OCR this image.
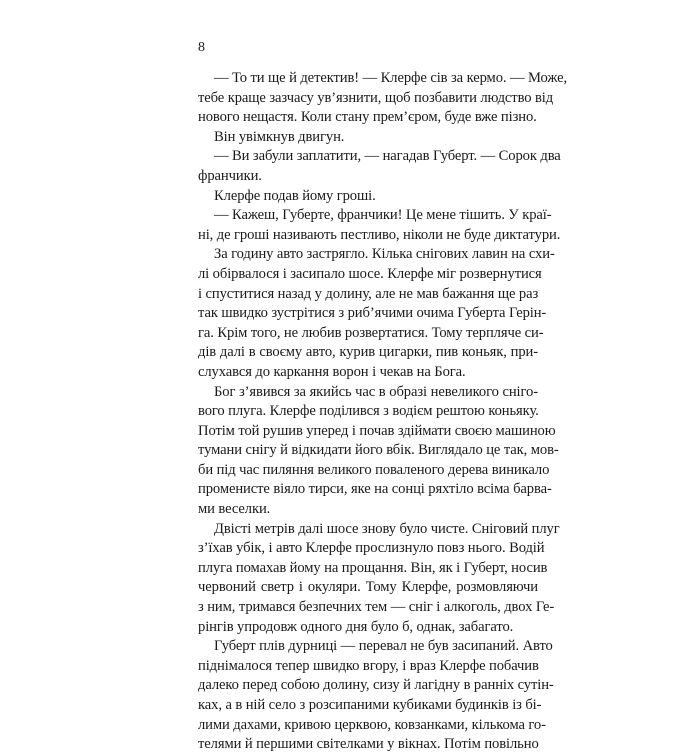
8
— То ти ще й детектив! — Клерфе сів за кермо. — Може,
тебе краще зазчасу ув’язнити, щоб позбавити людство від
нового нещастя. Коли стану прем’єром, буде вже пізно.
Він увімкнув двигун.
— Ви забули заплатити, — нагадав Губерт. — Сорок два
франчики.
Клерфе подав йому гроші.
— Кажеш, Губерте, франчики! Це мене тішить. У краї-
ні, де гроші називають пестливо, ніколи не буде диктатури.
За годину авто застрягло. Кілька снігових лавин на схи-
лі обірвалося і засипало шосе. Клерфе міг розвернутися
і спуститися назад у долину, але не мав бажання ще раз
так швидко зустрітися з риб’ячими очима Губерта Герін-
га. Крім того, не любив розвертатися. Тому терпляче си-
дів далі в своєму авто, курив цигарки, пив коньяк, при-
слухався до каркання ворон і чекав на Бога.
Бог з’явився за якийсь час в образі невеликого сніго-
вого плуга. Клерфе поділився з водієм рештою коньяку.
Потім той рушив уперед і почав здіймати своєю машиною
тумани снігу й відкидати його вбік. Виглядало це так, мов-
би під час пиляння великого поваленого дерева виникало
променисте віяло тирси, яке на сонці ряхтіло всіма барва-
ми веселки.
Двісті метрів далі шосе знову було чисте. Сніговий плуг
з’їхав убік, і авто Клерфе прослизнуло повз нього. Водій
плуга помахав йому на прощання. Він, як і Губерт, носив
червоний светр і окуляри. Тому Клерфе, розмовляючи
з ним, тримався безпечних тем — сніг і алкоголь, двох Ге-
рінгів упродовж одного дня було б, однак, забагато.
Губерт плів дурниці — перевал не був засипаний. Авто
піднімалося тепер швидко вгору, і враз Клерфе побачив
далеко перед собою долину, сизу й лагідну в ранніх сутін-
ках, а в ній село з розсипаними кубиками будинків із бі-
лими дахами, кривою церквою, ковзанками, кількома го-
телями й першими світелками у вікнах. Потім повільно
